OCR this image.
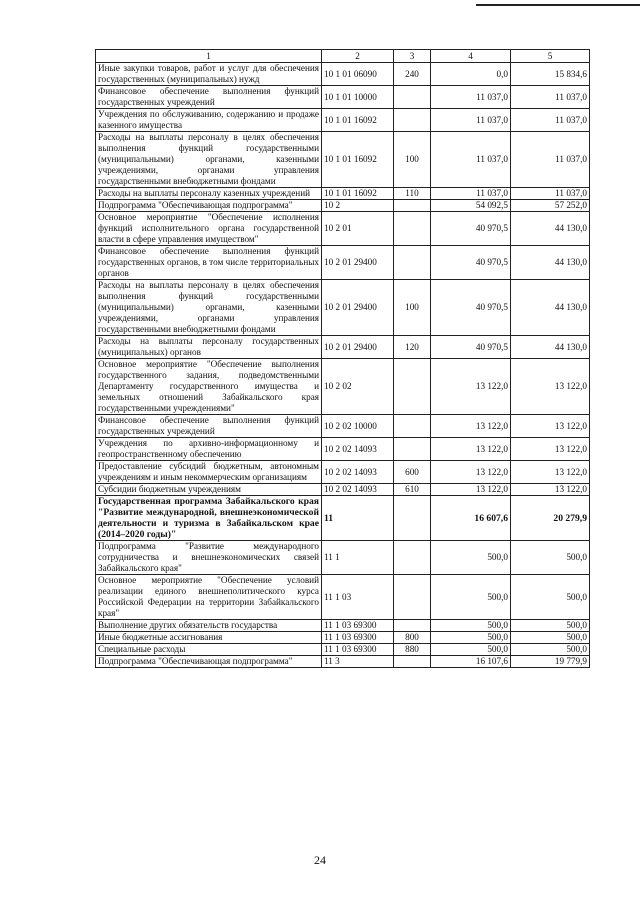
1	2	3	4	5
Иные закупки товаров, работ и услуг для обеспечения государственных (муниципальных) нужд	10 1 01 06090	240	0,0	15 834,6
Финансовое обеспечение выполнения функций государственных учреждений	10 1 01 10000		11 037,0	11 037,0
Учреждения по обслуживанию, содержанию и продаже казенного имущества	10 1 01 16092		11 037,0	11 037,0
Расходы на выплаты персоналу в целях обеспечения выполнения функций государственными (муниципальными) органами, казенными учреждениями, органами управления государственными внебюджетными фондами	10 1 01 16092	100	11 037,0	11 037,0
Расходы на выплаты персоналу казенных учреждений	10 1 01 16092	110	11 037,0	11 037,0
Подпрограмма "Обеспечивающая подпрограмма"	10 2		54 092,5	57 252,0
Основное мероприятие "Обеспечение исполнения функций исполнительного органа государственной власти в сфере управления имуществом"	10 2 01		40 970,5	44 130,0
Финансовое обеспечение выполнения функций государственных органов, в том числе территориальных органов	10 2 01 29400		40 970,5	44 130,0
Расходы на выплаты персоналу в целях обеспечения выполнения функций государственными (муниципальными) органами, казенными учреждениями, органами управления государственными внебюджетными фондами	10 2 01 29400	100	40 970,5	44 130,0
Расходы на выплаты персоналу государственных (муниципальных) органов	10 2 01 29400	120	40 970,5	44 130,0
Основное мероприятие "Обеспечение выполнения государственного задания, подведомственными Департаменту государственного имущества и земельных отношений Забайкальского края государственными учреждениями"	10 2 02		13 122,0	13 122,0
Финансовое обеспечение выполнения функций государственных учреждений	10 2 02 10000		13 122,0	13 122,0
Учреждения по архивно-информационному и геопространственному обеспечению	10 2 02 14093		13 122,0	13 122,0
Предоставление субсидий бюджетным, автономным учреждениям и иным некоммерческим организациям	10 2 02 14093	600	13 122,0	13 122,0
Субсидии бюджетным учреждениям	10 2 02 14093	610	13 122,0	13 122,0
Государственная программа Забайкальского края "Развитие международной, внешнеэкономической деятельности и туризма в Забайкальском крае (2014–2020 годы)"	11		16 607,6	20 279,9
Подпрограмма "Развитие международного сотрудничества и внешнеэкономических связей Забайкальского края"	11 1		500,0	500,0
Основное мероприятие "Обеспечение условий реализации единого внешнеполитического курса Российской Федерации на территории Забайкальского края"	11 1 03		500,0	500,0
Выполнение других обязательств государства	11 1 03 69300		500,0	500,0
Иные бюджетные ассигнования	11 1 03 69300	800	500,0	500,0
Специальные расходы	11 1 03 69300	880	500,0	500,0
Подпрограмма "Обеспечивающая подпрограмма"	11 3		16 107,6	19 779,9
24
